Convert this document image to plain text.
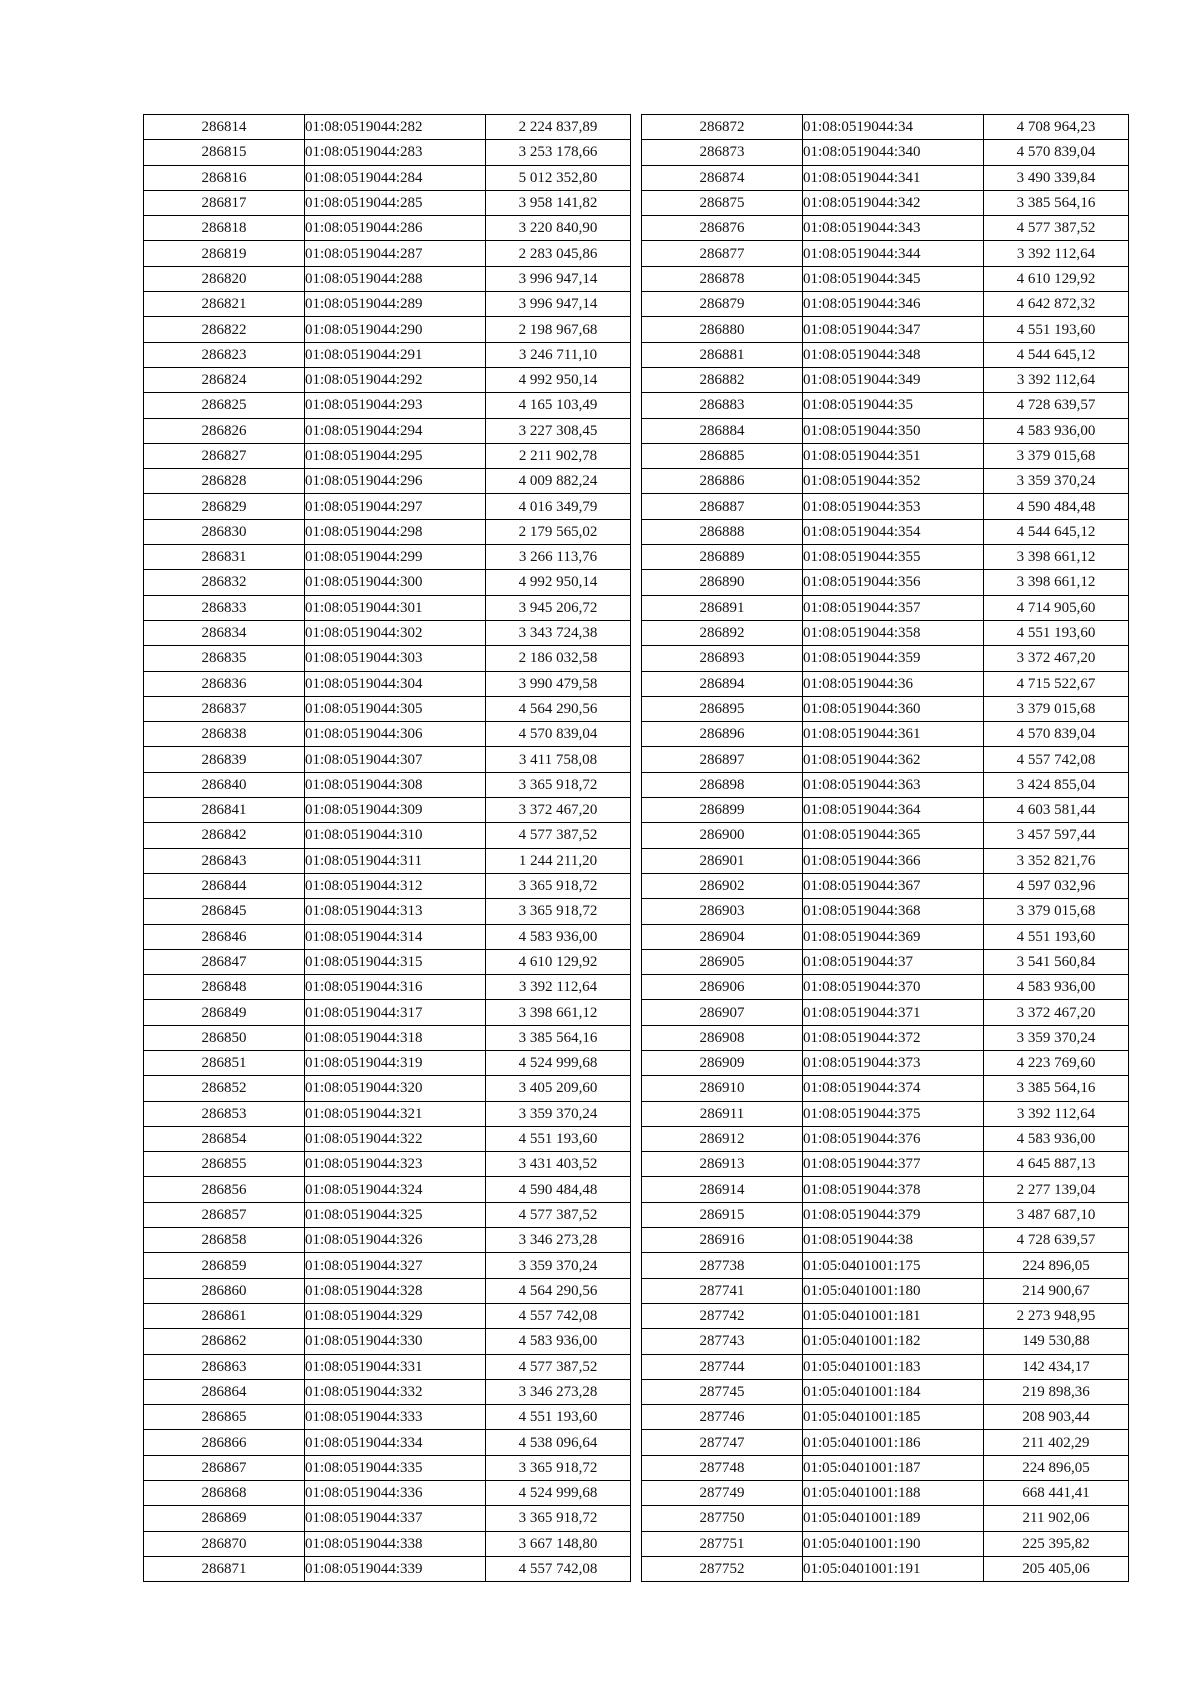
286814	01:08:0519044:282	2 224 837,89
286815	01:08:0519044:283	3 253 178,66
286816	01:08:0519044:284	5 012 352,80
286817	01:08:0519044:285	3 958 141,82
286818	01:08:0519044:286	3 220 840,90
286819	01:08:0519044:287	2 283 045,86
286820	01:08:0519044:288	3 996 947,14
286821	01:08:0519044:289	3 996 947,14
286822	01:08:0519044:290	2 198 967,68
286823	01:08:0519044:291	3 246 711,10
286824	01:08:0519044:292	4 992 950,14
286825	01:08:0519044:293	4 165 103,49
286826	01:08:0519044:294	3 227 308,45
286827	01:08:0519044:295	2 211 902,78
286828	01:08:0519044:296	4 009 882,24
286829	01:08:0519044:297	4 016 349,79
286830	01:08:0519044:298	2 179 565,02
286831	01:08:0519044:299	3 266 113,76
286832	01:08:0519044:300	4 992 950,14
286833	01:08:0519044:301	3 945 206,72
286834	01:08:0519044:302	3 343 724,38
286835	01:08:0519044:303	2 186 032,58
286836	01:08:0519044:304	3 990 479,58
286837	01:08:0519044:305	4 564 290,56
286838	01:08:0519044:306	4 570 839,04
286839	01:08:0519044:307	3 411 758,08
286840	01:08:0519044:308	3 365 918,72
286841	01:08:0519044:309	3 372 467,20
286842	01:08:0519044:310	4 577 387,52
286843	01:08:0519044:311	1 244 211,20
286844	01:08:0519044:312	3 365 918,72
286845	01:08:0519044:313	3 365 918,72
286846	01:08:0519044:314	4 583 936,00
286847	01:08:0519044:315	4 610 129,92
286848	01:08:0519044:316	3 392 112,64
286849	01:08:0519044:317	3 398 661,12
286850	01:08:0519044:318	3 385 564,16
286851	01:08:0519044:319	4 524 999,68
286852	01:08:0519044:320	3 405 209,60
286853	01:08:0519044:321	3 359 370,24
286854	01:08:0519044:322	4 551 193,60
286855	01:08:0519044:323	3 431 403,52
286856	01:08:0519044:324	4 590 484,48
286857	01:08:0519044:325	4 577 387,52
286858	01:08:0519044:326	3 346 273,28
286859	01:08:0519044:327	3 359 370,24
286860	01:08:0519044:328	4 564 290,56
286861	01:08:0519044:329	4 557 742,08
286862	01:08:0519044:330	4 583 936,00
286863	01:08:0519044:331	4 577 387,52
286864	01:08:0519044:332	3 346 273,28
286865	01:08:0519044:333	4 551 193,60
286866	01:08:0519044:334	4 538 096,64
286867	01:08:0519044:335	3 365 918,72
286868	01:08:0519044:336	4 524 999,68
286869	01:08:0519044:337	3 365 918,72
286870	01:08:0519044:338	3 667 148,80
286871	01:08:0519044:339	4 557 742,08
286872	01:08:0519044:34	4 708 964,23
286873	01:08:0519044:340	4 570 839,04
286874	01:08:0519044:341	3 490 339,84
286875	01:08:0519044:342	3 385 564,16
286876	01:08:0519044:343	4 577 387,52
286877	01:08:0519044:344	3 392 112,64
286878	01:08:0519044:345	4 610 129,92
286879	01:08:0519044:346	4 642 872,32
286880	01:08:0519044:347	4 551 193,60
286881	01:08:0519044:348	4 544 645,12
286882	01:08:0519044:349	3 392 112,64
286883	01:08:0519044:35	4 728 639,57
286884	01:08:0519044:350	4 583 936,00
286885	01:08:0519044:351	3 379 015,68
286886	01:08:0519044:352	3 359 370,24
286887	01:08:0519044:353	4 590 484,48
286888	01:08:0519044:354	4 544 645,12
286889	01:08:0519044:355	3 398 661,12
286890	01:08:0519044:356	3 398 661,12
286891	01:08:0519044:357	4 714 905,60
286892	01:08:0519044:358	4 551 193,60
286893	01:08:0519044:359	3 372 467,20
286894	01:08:0519044:36	4 715 522,67
286895	01:08:0519044:360	3 379 015,68
286896	01:08:0519044:361	4 570 839,04
286897	01:08:0519044:362	4 557 742,08
286898	01:08:0519044:363	3 424 855,04
286899	01:08:0519044:364	4 603 581,44
286900	01:08:0519044:365	3 457 597,44
286901	01:08:0519044:366	3 352 821,76
286902	01:08:0519044:367	4 597 032,96
286903	01:08:0519044:368	3 379 015,68
286904	01:08:0519044:369	4 551 193,60
286905	01:08:0519044:37	3 541 560,84
286906	01:08:0519044:370	4 583 936,00
286907	01:08:0519044:371	3 372 467,20
286908	01:08:0519044:372	3 359 370,24
286909	01:08:0519044:373	4 223 769,60
286910	01:08:0519044:374	3 385 564,16
286911	01:08:0519044:375	3 392 112,64
286912	01:08:0519044:376	4 583 936,00
286913	01:08:0519044:377	4 645 887,13
286914	01:08:0519044:378	2 277 139,04
286915	01:08:0519044:379	3 487 687,10
286916	01:08:0519044:38	4 728 639,57
287738	01:05:0401001:175	224 896,05
287741	01:05:0401001:180	214 900,67
287742	01:05:0401001:181	2 273 948,95
287743	01:05:0401001:182	149 530,88
287744	01:05:0401001:183	142 434,17
287745	01:05:0401001:184	219 898,36
287746	01:05:0401001:185	208 903,44
287747	01:05:0401001:186	211 402,29
287748	01:05:0401001:187	224 896,05
287749	01:05:0401001:188	668 441,41
287750	01:05:0401001:189	211 902,06
287751	01:05:0401001:190	225 395,82
287752	01:05:0401001:191	205 405,06
